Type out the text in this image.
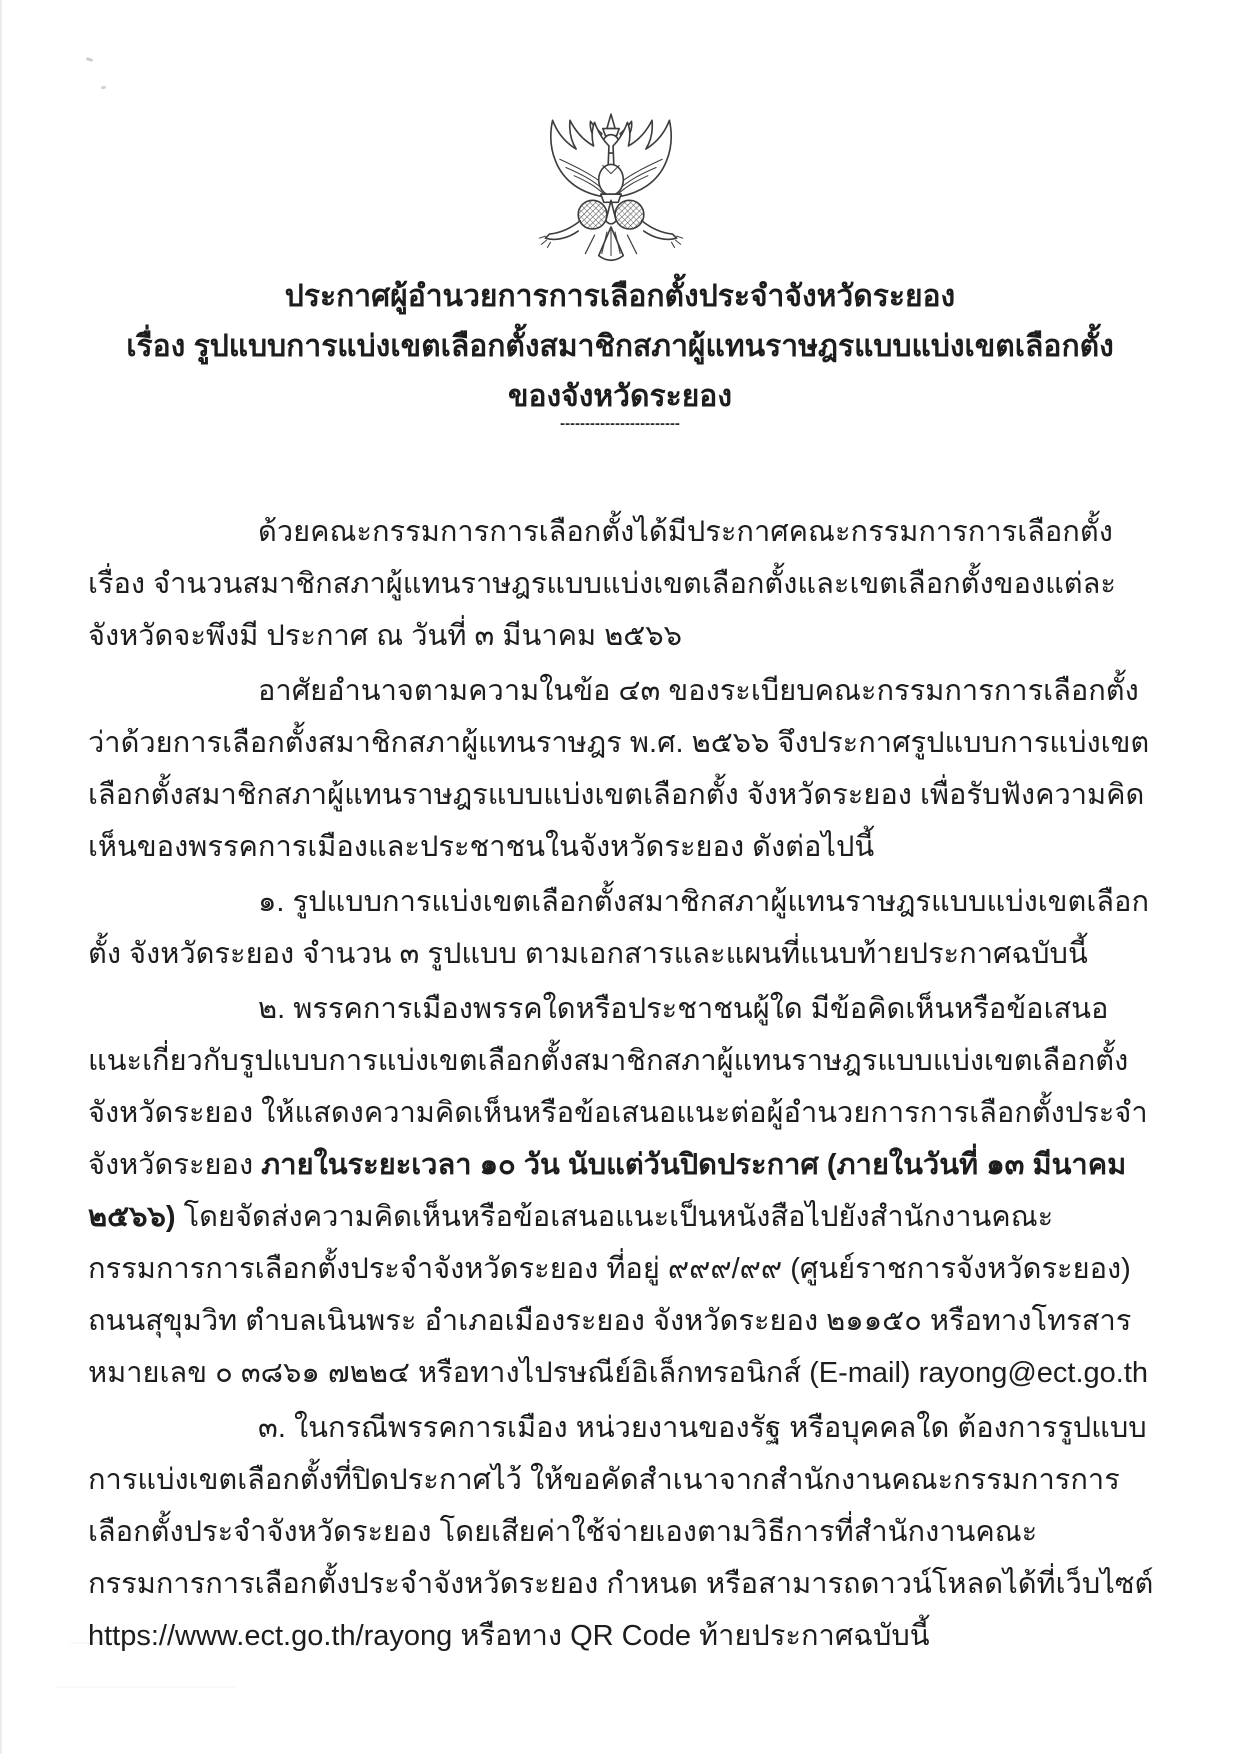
ประกาศผู้อำนวยการการเลือกตั้งประจำจังหวัดระยอง
เรื่อง รูปแบบการแบ่งเขตเลือกตั้งสมาชิกสภาผู้แทนราษฎรแบบแบ่งเขตเลือกตั้ง
ของจังหวัดระยอง
------------------------

ด้วยคณะกรรมการการเลือกตั้งได้มีประกาศคณะกรรมการการเลือกตั้ง เรื่อง จำนวนสมาชิกสภาผู้แทนราษฎรแบบแบ่งเขตเลือกตั้งและเขตเลือกตั้งของแต่ละจังหวัดจะพึงมี ประกาศ ณ วันที่ ๓ มีนาคม ๒๕๖๖

อาศัยอำนาจตามความในข้อ ๔๓ ของระเบียบคณะกรรมการการเลือกตั้งว่าด้วยการเลือกตั้งสมาชิกสภาผู้แทนราษฎร พ.ศ. ๒๕๖๖ จึงประกาศรูปแบบการแบ่งเขตเลือกตั้งสมาชิกสภาผู้แทนราษฎรแบบแบ่งเขตเลือกตั้ง จังหวัดระยอง เพื่อรับฟังความคิดเห็นของพรรคการเมืองและประชาชนในจังหวัดระยอง ดังต่อไปนี้

๑. รูปแบบการแบ่งเขตเลือกตั้งสมาชิกสภาผู้แทนราษฎรแบบแบ่งเขตเลือกตั้ง จังหวัดระยอง จำนวน ๓ รูปแบบ ตามเอกสารและแผนที่แนบท้ายประกาศฉบับนี้

๒. พรรคการเมืองพรรคใดหรือประชาชนผู้ใด มีข้อคิดเห็นหรือข้อเสนอแนะเกี่ยวกับรูปแบบการแบ่งเขตเลือกตั้งสมาชิกสภาผู้แทนราษฎรแบบแบ่งเขตเลือกตั้ง จังหวัดระยอง ให้แสดงความคิดเห็นหรือข้อเสนอแนะต่อผู้อำนวยการการเลือกตั้งประจำจังหวัดระยอง ภายในระยะเวลา ๑๐ วัน นับแต่วันปิดประกาศ (ภายในวันที่ ๑๓ มีนาคม ๒๕๖๖) โดยจัดส่งความคิดเห็นหรือข้อเสนอแนะเป็นหนังสือไปยังสำนักงานคณะกรรมการการเลือกตั้งประจำจังหวัดระยอง ที่อยู่ ๙๙๙/๙๙ (ศูนย์ราชการจังหวัดระยอง) ถนนสุขุมวิท ตำบลเนินพระ อำเภอเมืองระยอง จังหวัดระยอง ๒๑๑๕๐ หรือทางโทรสารหมายเลข ๐ ๓๘๖๑ ๗๒๒๔ หรือทางไปรษณีย์อิเล็กทรอนิกส์ (E-mail) rayong@ect.go.th

๓. ในกรณีพรรคการเมือง หน่วยงานของรัฐ หรือบุคคลใด ต้องการรูปแบบการแบ่งเขตเลือกตั้งที่ปิดประกาศไว้ ให้ขอคัดสำเนาจากสำนักงานคณะกรรมการการเลือกตั้งประจำจังหวัดระยอง โดยเสียค่าใช้จ่ายเองตามวิธีการที่สำนักงานคณะกรรมการการเลือกตั้งประจำจังหวัดระยอง กำหนด หรือสามารถดาวน์โหลดได้ที่เว็บไซต์ https://www.ect.go.th/rayong หรือทาง QR Code ท้ายประกาศฉบับนี้
